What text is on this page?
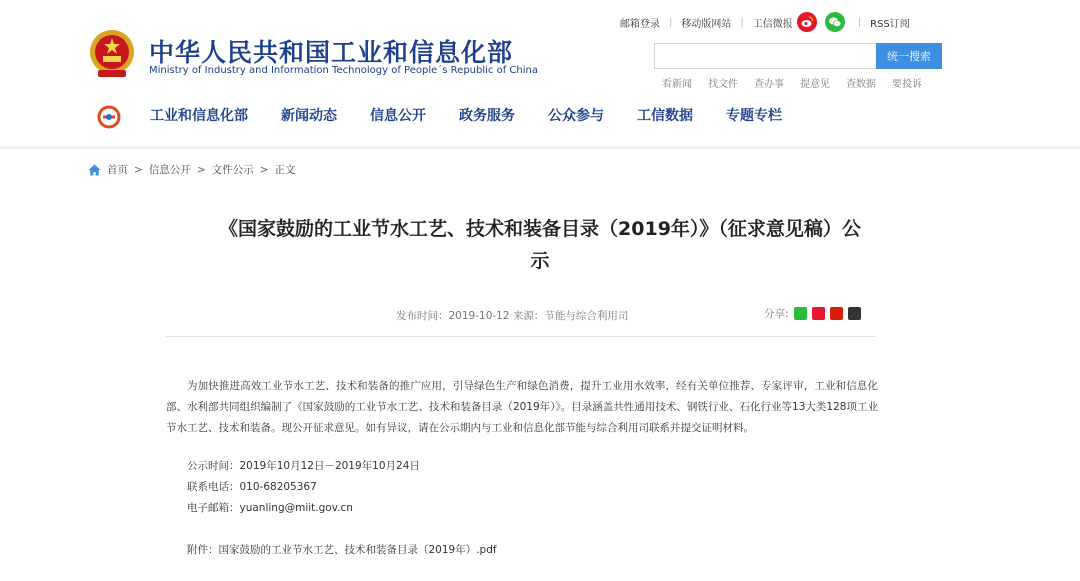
中华人民共和国工业和信息化部
Ministry of Industry and Information Technology of People´s Republic of China
邮箱登录 | 移动版网站 | 工信微报	| RSS订阅
统一搜索
看新闻 找文件 查办事 提意见 查数据 要投诉
工业和信息化部 新闻动态 信息公开 政务服务 公众参与 工信数据 专题专栏
首页 > 信息公开 > 文件公示 > 正文
《国家鼓励的工业节水工艺、技术和装备目录（2019年）》（征求意见稿）公
示
发布时间：2019-10-12 来源：节能与综合利用司	分享:

为加快推进高效工业节水工艺、技术和装备的推广应用，引导绿色生产和绿色消费，提升工业用水效率，经有关单位推荐、专家评审，工业和信息化部、水利部共同组织编制了《国家鼓励的工业节水工艺、技术和装备目录（2019年）》。目录涵盖共性通用技术、钢铁行业、石化行业等13大类128项工业节水工艺、技术和装备。现公开征求意见。如有异议，请在公示期内与工业和信息化部节能与综合利用司联系并提交证明材料。

公示时间：2019年10月12日－2019年10月24日
联系电话：010-68205367
电子邮箱：yuanling@miit.gov.cn
附件：国家鼓励的工业节水工艺、技术和装备目录（2019年）.pdf
